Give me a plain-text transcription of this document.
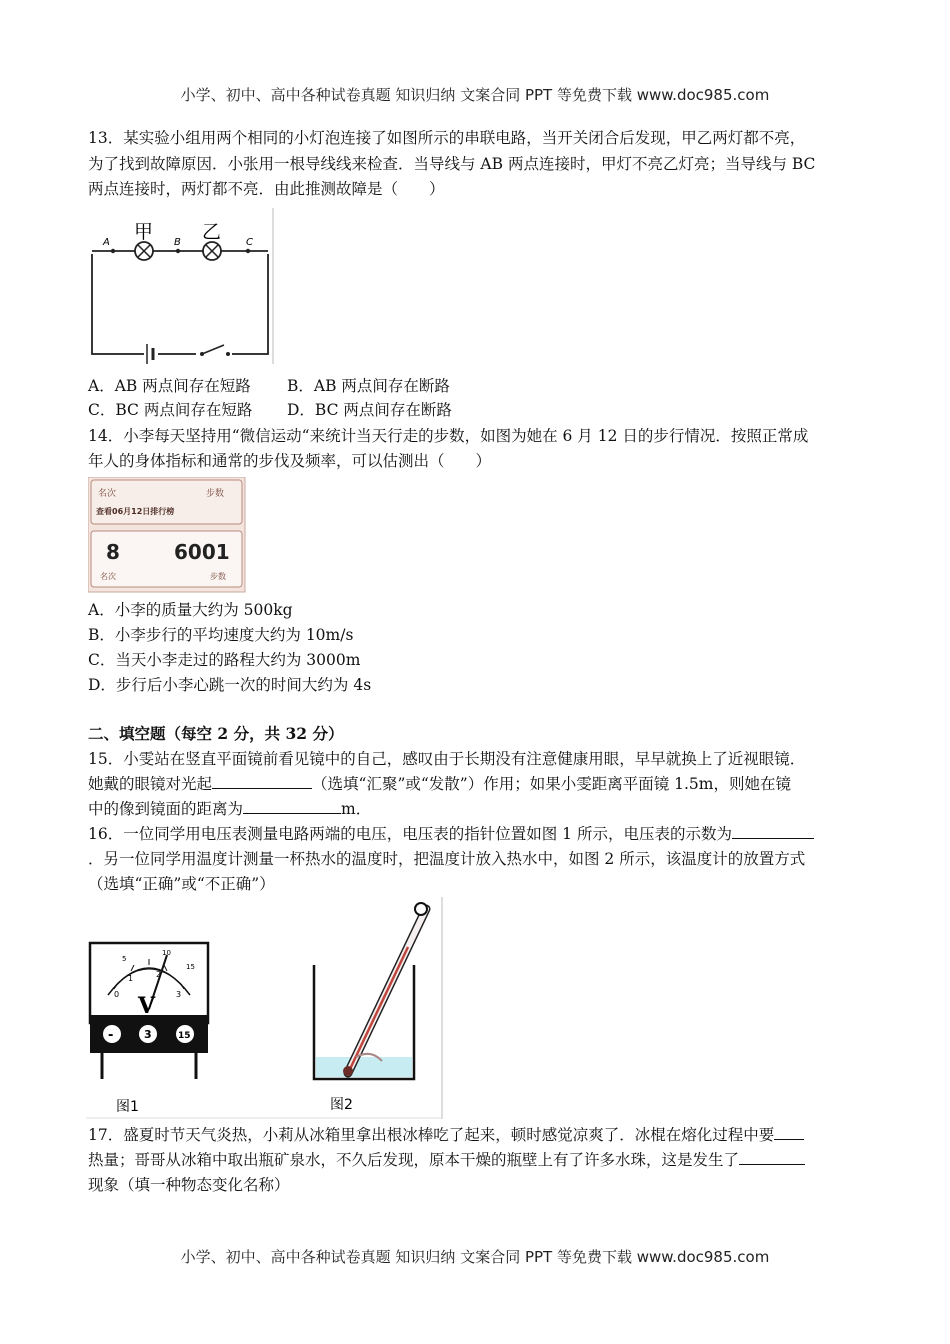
小学、初中、高中各种试卷真题 知识归纳 文案合同 PPT 等免费下载 www.doc985.com
13．某实验小组用两个相同的小灯泡连接了如图所示的串联电路，当开关闭合后发现，甲乙两灯都不亮，
为了找到故障原因．小张用一根导线线来检查．当导线与 AB 两点连接时，甲灯不亮乙灯亮；当导线与 BC
两点连接时，两灯都不亮．由此推测故障是（　　）
A	B	C
甲	乙
A．AB 两点间存在短路 B．AB 两点间存在断路
C．BC 两点间存在短路 D．BC 两点间存在断路
14．小李每天坚持用“微信运动“来统计当天行走的步数，如图为她在 6 月 12 日的步行情况．按照正常成
年人的身体指标和通常的步伐及频率，可以估测出（　　）
名次	步数
查看06月12日排行榜
8	6001
名次	步数
A．小李的质量大约为 500kg
B．小李步行的平均速度大约为 10m/s
C．当天小李走过的路程大约为 3000m
D．步行后小李心跳一次的时间大约为 4s
二、填空题（每空 2 分，共 32 分）
15．小雯站在竖直平面镜前看见镜中的自己，感叹由于长期没有注意健康用眼，早早就换上了近视眼镜．
她戴的眼镜对光起	（选填“汇聚”或“发散”）作用；如果小雯距离平面镜 1.5m，则她在镜
中的像到镜面的距离为	m．
16．一位同学用电压表测量电路两端的电压，电压表的指针位置如图 1 所示，电压表的示数为
．另一位同学用温度计测量一杯热水的温度时，把温度计放入热水中，如图 2 所示，该温度计的放置方式
（选填“正确”或“不正确”）
0
1	2
3
5
10
15
V
-	3	15
图1	图2
17．盛夏时节天气炎热，小莉从冰箱里拿出根冰棒吃了起来，顿时感觉凉爽了．冰棍在熔化过程中要
热量；哥哥从冰箱中取出瓶矿泉水，不久后发现，原本干燥的瓶壁上有了许多水珠，这是发生了
现象（填一种物态变化名称）
小学、初中、高中各种试卷真题 知识归纳 文案合同 PPT 等免费下载 www.doc985.com
